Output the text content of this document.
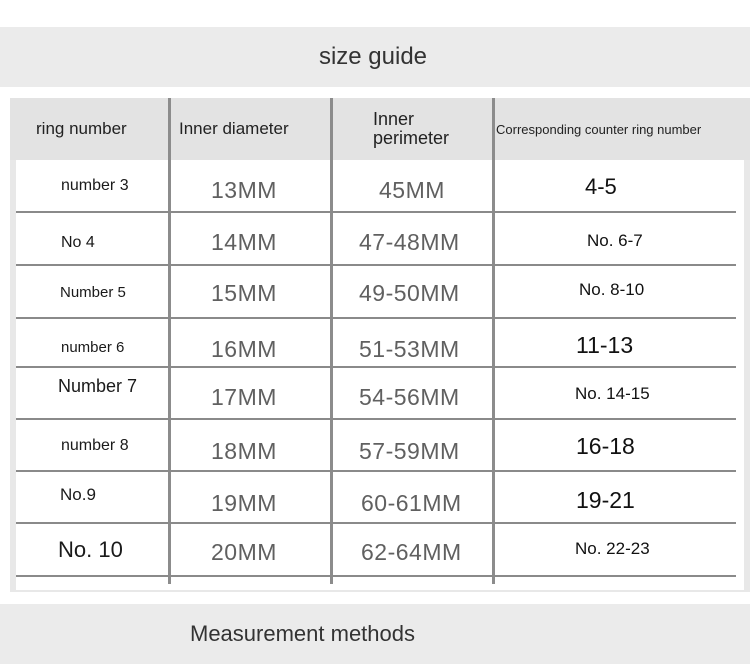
size guide
ring number	Inner diameter	Inner perimeter	Corresponding counter ring number
number 3	13MM	45MM	4-5
No 4	14MM	47-48MM	No. 6-7
Number 5	15MM	49-50MM	No. 8-10
number 6	16MM	51-53MM	11-13
Number 7	17MM	54-56MM	No. 14-15
number 8	18MM	57-59MM	16-18
No.9	19MM	60-61MM	19-21
No. 10	20MM	62-64MM	No. 22-23
Measurement methods
